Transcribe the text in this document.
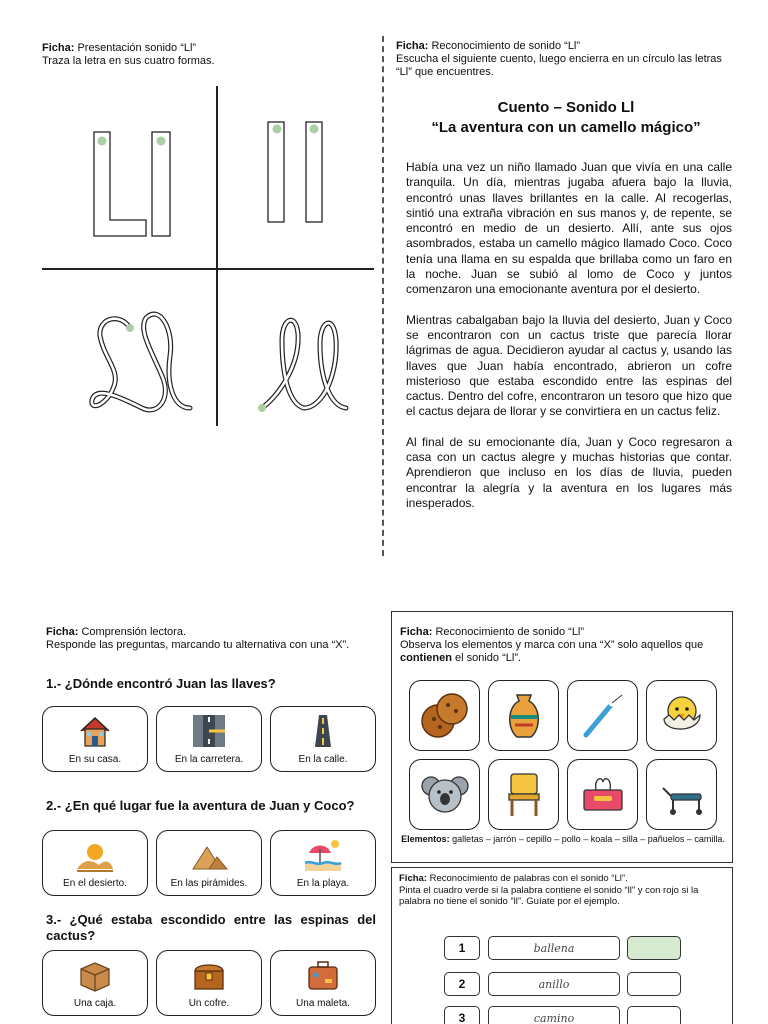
Ficha: Presentación sonido “Ll”
Traza la letra en sus cuatro formas.
Ficha: Reconocimiento de sonido “Ll”
Escucha el siguiente cuento, luego encierra en un círculo las letras “Ll” que encuentres.
Cuento – Sonido Ll
“La aventura con un camello mágico”

Había una vez un niño llamado Juan que vivía en una calle tranquila. Un día, mientras jugaba afuera bajo la lluvia, encontró unas llaves brillantes en la calle. Al recogerlas, sintió una extraña vibración en sus manos y, de repente, se encontró en medio de un desierto. Allí, ante sus ojos asombrados, estaba un camello mágico llamado Coco. Coco tenía una llama en su espalda que brillaba como un faro en la noche. Juan se subió al lomo de Coco y juntos comenzaron una emocionante aventura por el desierto.

Mientras cabalgaban bajo la lluvia del desierto, Juan y Coco se encontraron con un cactus triste que parecía llorar lágrimas de agua. Decidieron ayudar al cactus y, usando las llaves que Juan había encontrado, abrieron un cofre misterioso que estaba escondido entre las espinas del cactus. Dentro del cofre, encontraron un tesoro que hizo que el cactus dejara de llorar y se convirtiera en un cactus feliz.

Al final de su emocionante día, Juan y Coco regresaron a casa con un cactus alegre y muchas historias que contar. Aprendieron que incluso en los días de lluvia, pueden encontrar la alegría y la aventura en los lugares más inesperados.

Ficha: Comprensión lectora.
Responde las preguntas, marcando tu alternativa con una “X”.
1.- ¿Dónde encontró Juan las llaves?
En su casa.	En la carretera.	En la calle.
2.- ¿En qué lugar fue la aventura de Juan y Coco?
En el desierto.	En las pirámides.	En la playa.
3.- ¿Qué estaba escondido entre las espinas del cactus?
Una caja.	Un cofre.	Una maleta.
Ficha: Reconocimiento de sonido “Ll”
Observa los elementos y marca con una “X” solo aquellos que contienen el sonido “Ll”.
Elementos: galletas – jarrón – cepillo – pollo – koala – silla – pañuelos – camilla.
Ficha: Reconocimiento de palabras con el sonido “Ll”.
Pinta el cuadro verde si la palabra contiene el sonido “ll” y con rojo si la palabra no tiene el sonido “ll”. Guíate por el ejemplo.
1	ballena
2	anillo
3	camino
